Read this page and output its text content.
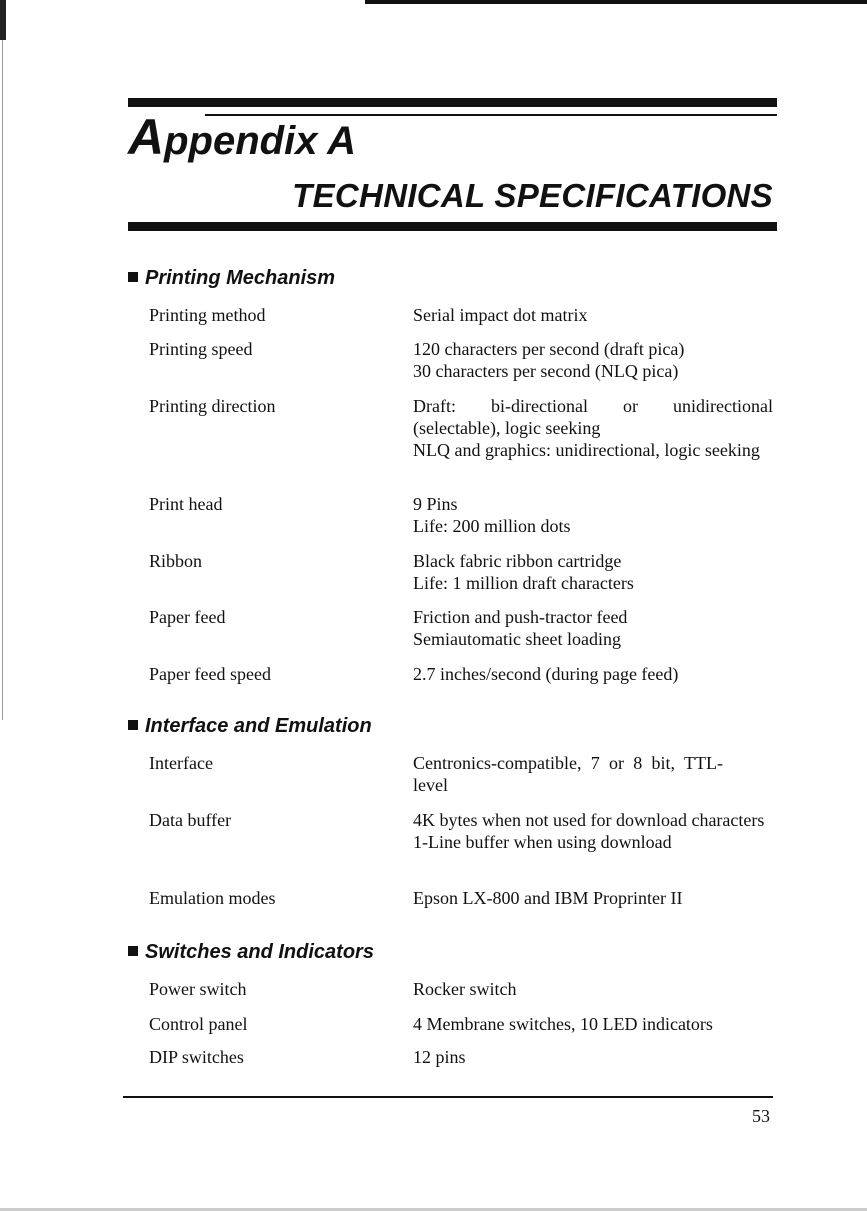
Appendix A
TECHNICAL SPECIFICATIONS
Printing Mechanism
Printing method	Serial impact dot matrix
Printing speed	120 characters per second (draft pica)
30 characters per second (NLQ pica)
Printing direction	Draft: bi-directional or unidirectional (selectable), logic seeking
NLQ and graphics: unidirectional, logic seeking
Print head	9 Pins
Life: 200 million dots
Ribbon	Black fabric ribbon cartridge
Life: 1 million draft characters
Paper feed	Friction and push-tractor feed
Semiautomatic sheet loading
Paper feed speed	2.7 inches/second (during page feed)
Interface and Emulation
Interface	Centronics-compatible, 7 or 8 bit, TTL-level
Data buffer	4K bytes when not used for download characters
1-Line buffer when using download
Emulation modes	Epson LX-800 and IBM Proprinter II
Switches and Indicators
Power switch	Rocker switch
Control panel	4 Membrane switches, 10 LED indicators
DIP switches	12 pins
53
